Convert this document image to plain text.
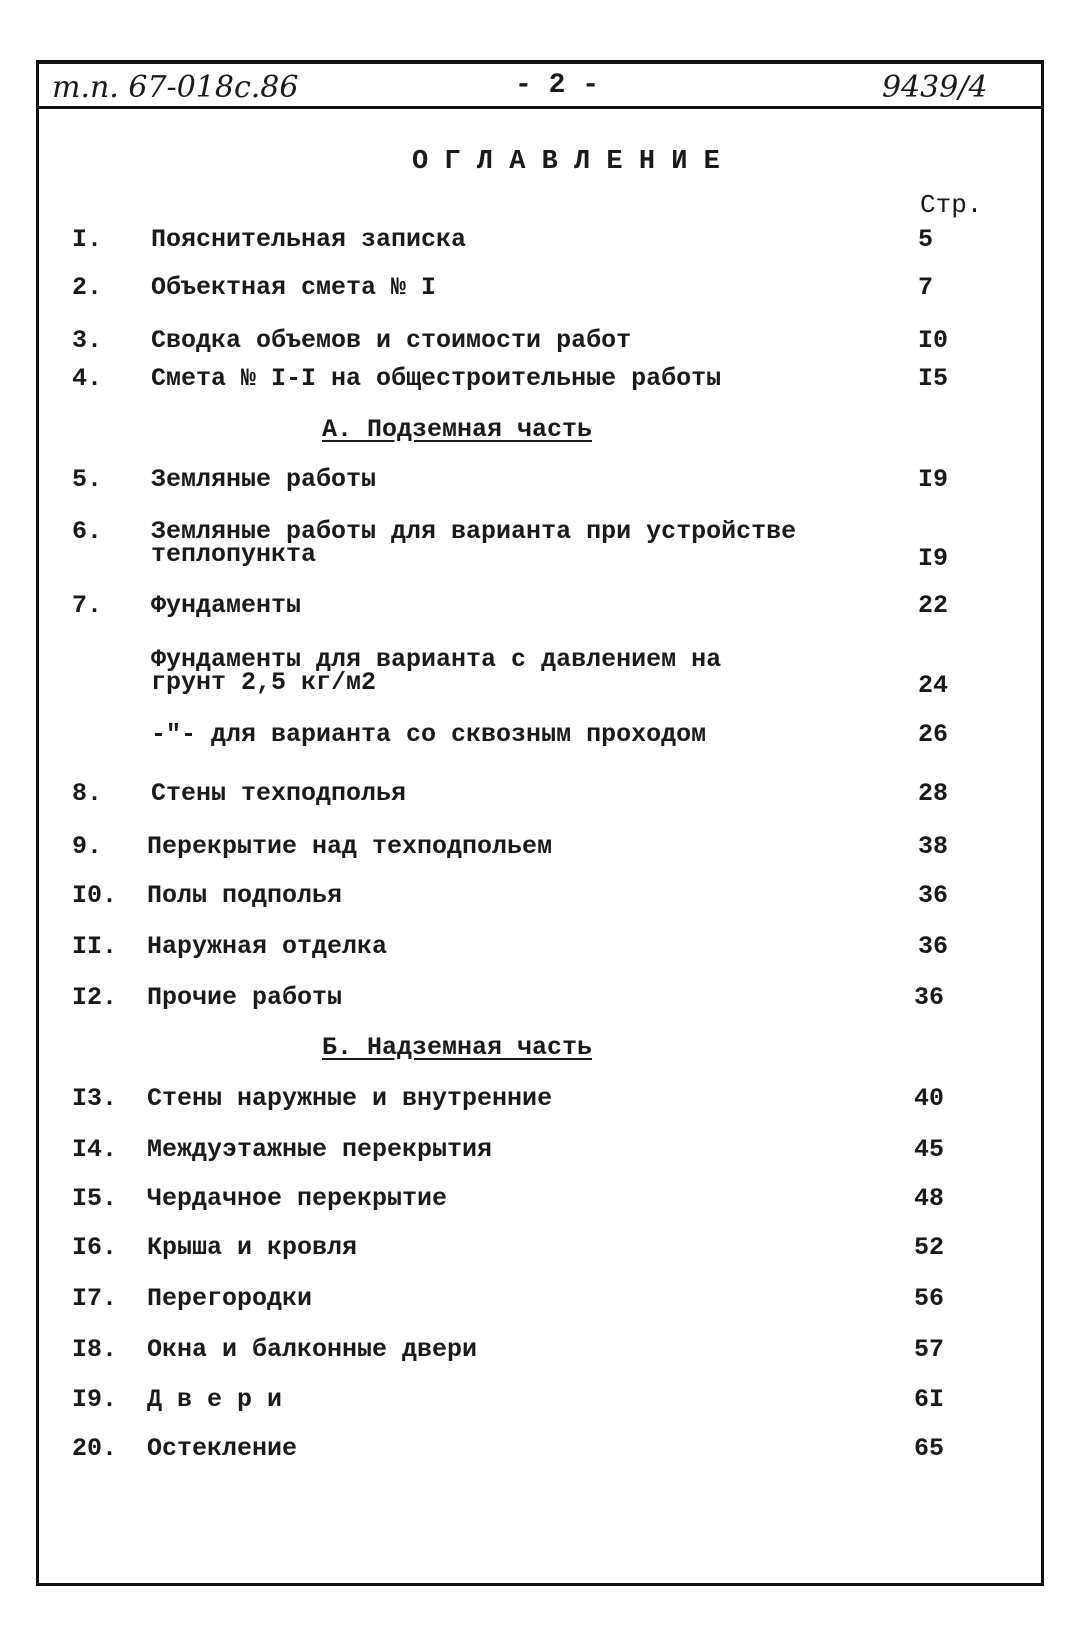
т.п. 67-018с.86	- 2 -	9439/4
О Г Л А В Л Е Н И Е
Стр.
I. Пояснительная записка	5
2. Объектная смета № I	7
3. Сводка объемов и стоимости работ	I0
4. Смета № I-I на общестроительные работы	I5
5. Земляные работы	I9
6. Земляные работы для варианта при устройстве
теплопункта	I9
7. Фундаменты	22
Фундаменты для варианта с давлением на
грунт 2,5 кг/м2	24
-"- для варианта со сквозным проходом	26
8. Стены техподполья	28
9. Перекрытие над техподпольем	38
I0. Полы подполья	36
II. Наружная отделка	36
I2. Прочие работы	36
I3. Стены наружные и внутренние	40
I4. Междуэтажные перекрытия	45
I5. Чердачное перекрытие	48
I6. Крыша и кровля	52
I7. Перегородки	56
I8. Окна и балконные двери	57
I9. Д в е р и	6I
20. Остекление	65
А. Подземная часть
Б. Надземная часть
